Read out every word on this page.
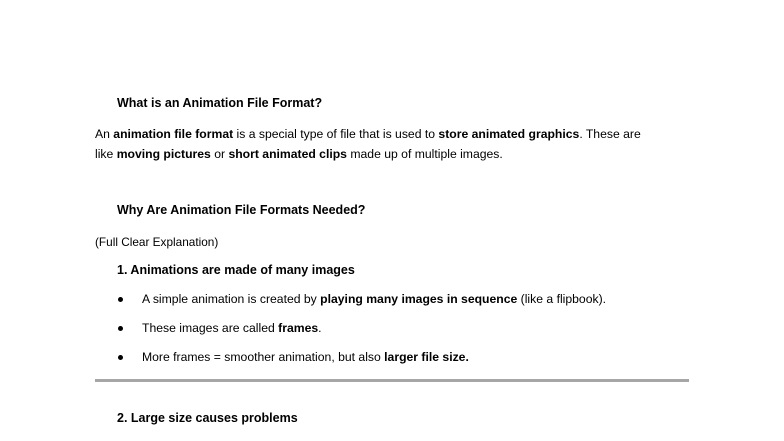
What is an Animation File Format?
An animation file format is a special type of file that is used to store animated graphics. These are
like moving pictures or short animated clips made up of multiple images.
Why Are Animation File Formats Needed?
(Full Clear Explanation)
1. Animations are made of many images
A simple animation is created by playing many images in sequence (like a flipbook).
These images are called frames.
More frames = smoother animation, but also larger file size.
2. Large size causes problems
